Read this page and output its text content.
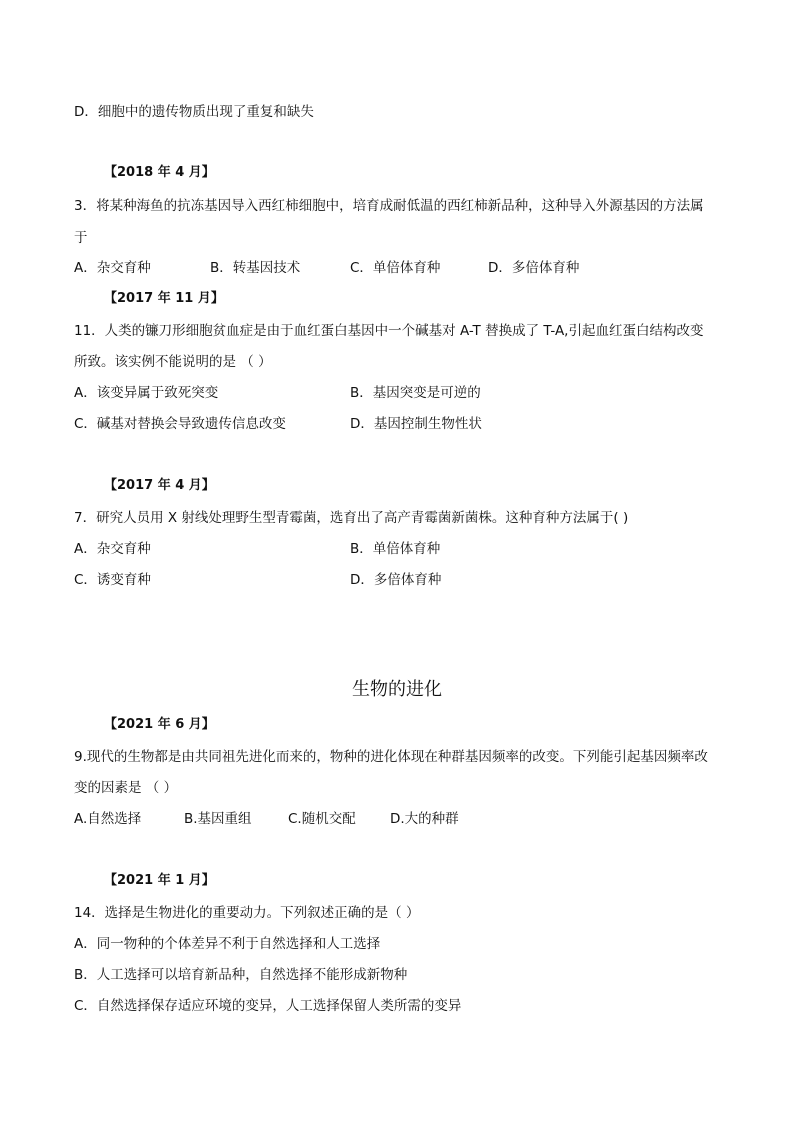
D．细胞中的遗传物质出现了重复和缺失
【2018 年 4 月】
3．将某种海鱼的抗冻基因导入西红柿细胞中，培育成耐低温的西红柿新品种，这种导入外源基因的方法属
于
A．杂交育种	B．转基因技术	C．单倍体育种	D．多倍体育种
【2017 年 11 月】
11．人类的镰刀形细胞贫血症是由于血红蛋白基因中一个碱基对 A-T 替换成了 T-A,引起血红蛋白结构改变
所致。该实例不能说明的是 （ ）
A．该变异属于致死突变	B．基因突变是可逆的
C．碱基对替换会导致遗传信息改变	D．基因控制生物性状
【2017 年 4 月】
7．研究人员用 X 射线处理野生型青霉菌，选育出了高产青霉菌新菌株。这种育种方法属于( )
A．杂交育种	B．单倍体育种
C．诱变育种	D．多倍体育种
生物的进化
【2021 年 6 月】
9.现代的生物都是由共同祖先进化而来的，物种的进化体现在种群基因频率的改变。下列能引起基因频率改
变的因素是 （ ）
A.自然选择	B.基因重组	C.随机交配	D.大的种群
【2021 年 1 月】
14．选择是生物进化的重要动力。下列叙述正确的是（ ）
A．同一物种的个体差异不利于自然选择和人工选择
B．人工选择可以培育新品种，自然选择不能形成新物种
C．自然选择保存适应环境的变异，人工选择保留人类所需的变异
